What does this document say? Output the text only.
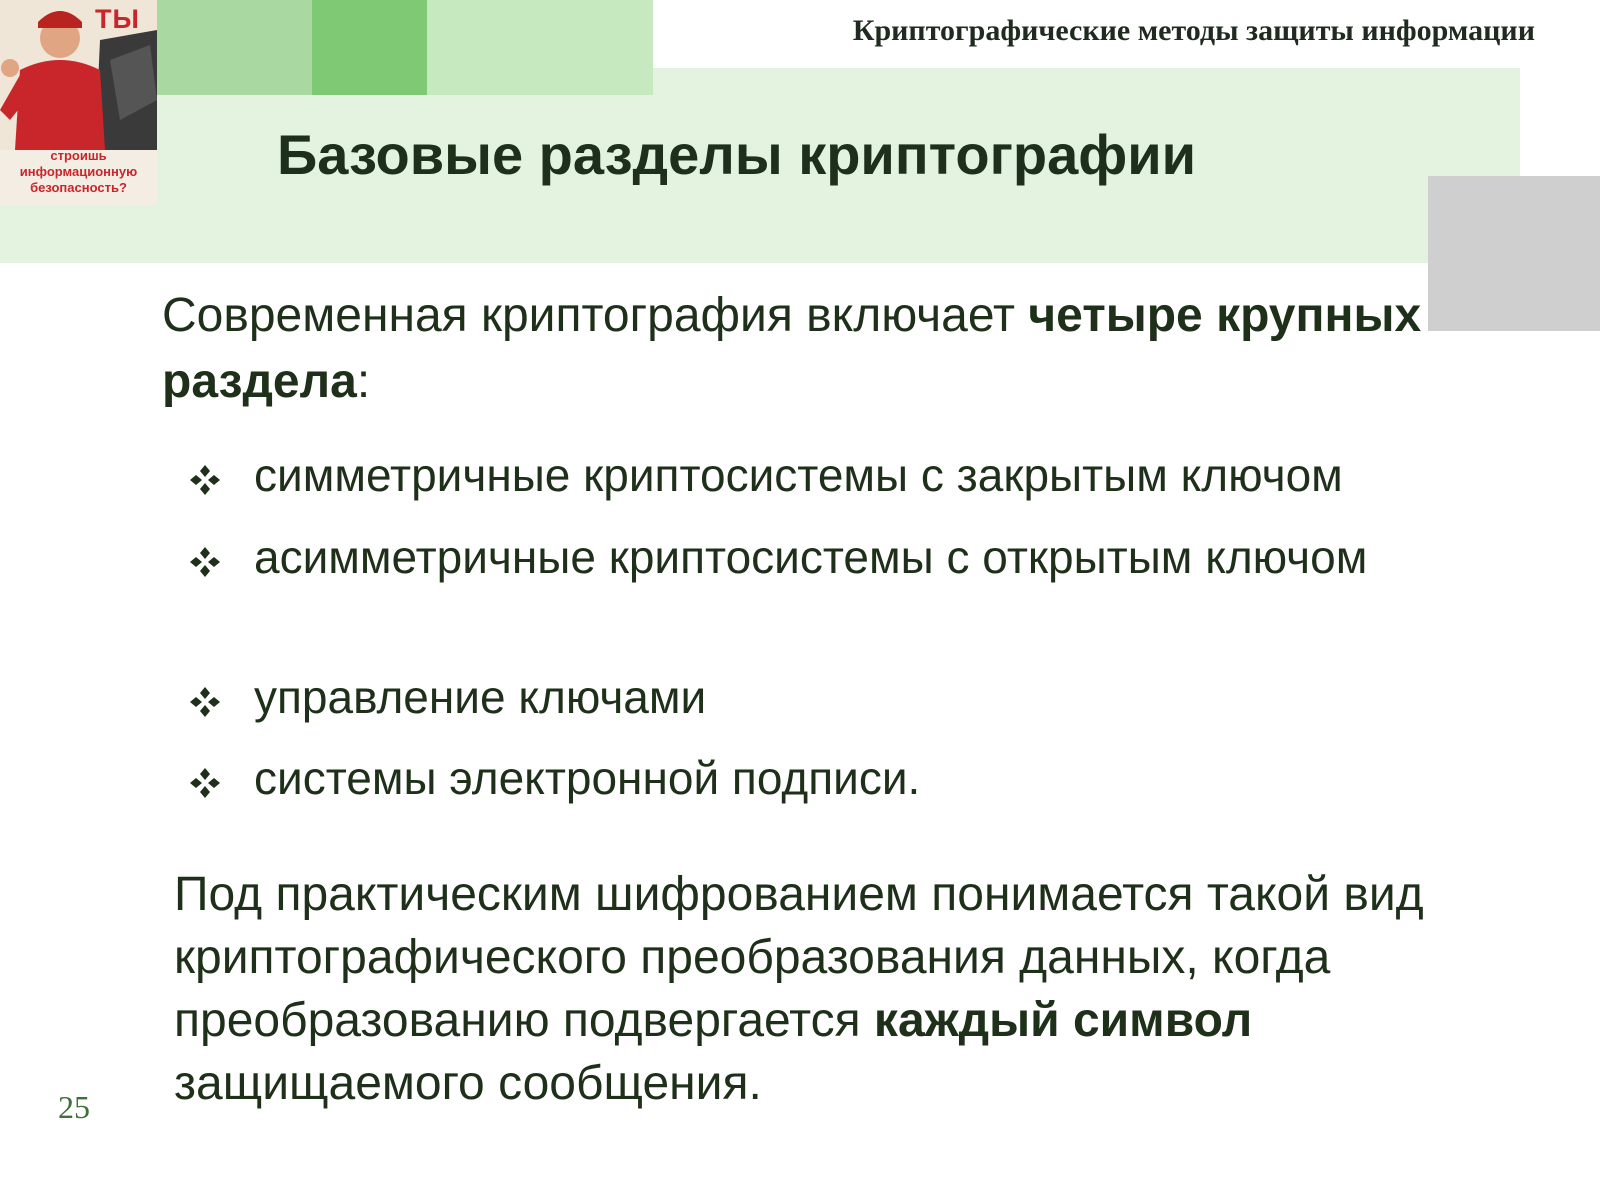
ТЫ
строишь
информационную
безопасность?
Криптографические методы защиты информации
Базовые разделы криптографии
Современная криптография включает четыре крупных раздела:
симметричные криптосистемы с закрытым ключом
асимметричные криптосистемы с открытым ключом
управление ключами
системы электронной подписи.
Под практическим шифрованием понимается такой вид криптографического преобразования данных, когда преобразованию подвергается каждый символ защищаемого сообщения.
25
